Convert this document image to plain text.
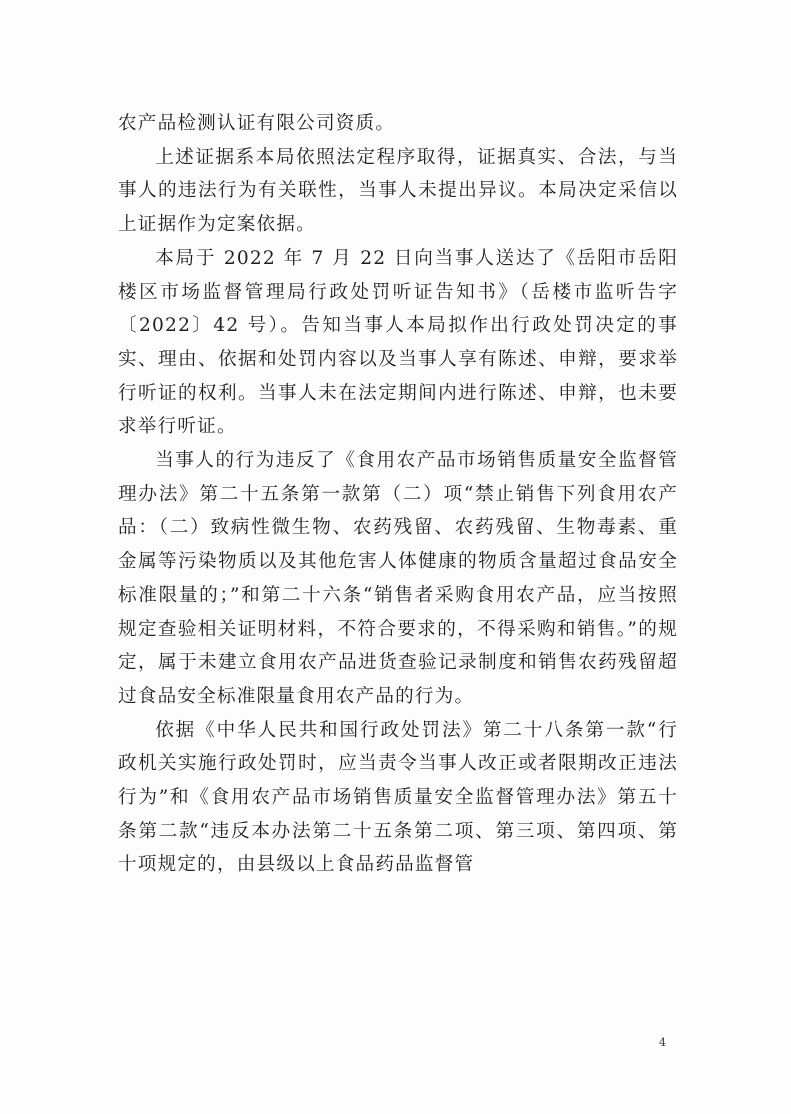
农产品检测认证有限公司资质。

上述证据系本局依照法定程序取得，证据真实、合法，与当事人的违法行为有关联性，当事人未提出异议。本局决定采信以上证据作为定案依据。

本局于 2022 年 7 月 22 日向当事人送达了《岳阳市岳阳楼区市场监督管理局行政处罚听证告知书》（岳楼市监听告字〔2022〕42 号）。告知当事人本局拟作出行政处罚决定的事实、理由、依据和处罚内容以及当事人享有陈述、申辩，要求举行听证的权利。当事人未在法定期间内进行陈述、申辩，也未要求举行听证。

当事人的行为违反了《食用农产品市场销售质量安全监督管理办法》第二十五条第一款第（二）项“禁止销售下列食用农产品：（二）致病性微生物、农药残留、农药残留、生物毒素、重金属等污染物质以及其他危害人体健康的物质含量超过食品安全标准限量的；”和第二十六条“销售者采购食用农产品，应当按照规定查验相关证明材料，不符合要求的，不得采购和销售。”的规定，属于未建立食用农产品进货查验记录制度和销售农药残留超过食品安全标准限量食用农产品的行为。

依据《中华人民共和国行政处罚法》第二十八条第一款“行政机关实施行政处罚时，应当责令当事人改正或者限期改正违法行为”和《食用农产品市场销售质量安全监督管理办法》第五十条第二款“违反本办法第二十五条第二项、第三项、第四项、第十项规定的，由县级以上食品药品监督管

4
